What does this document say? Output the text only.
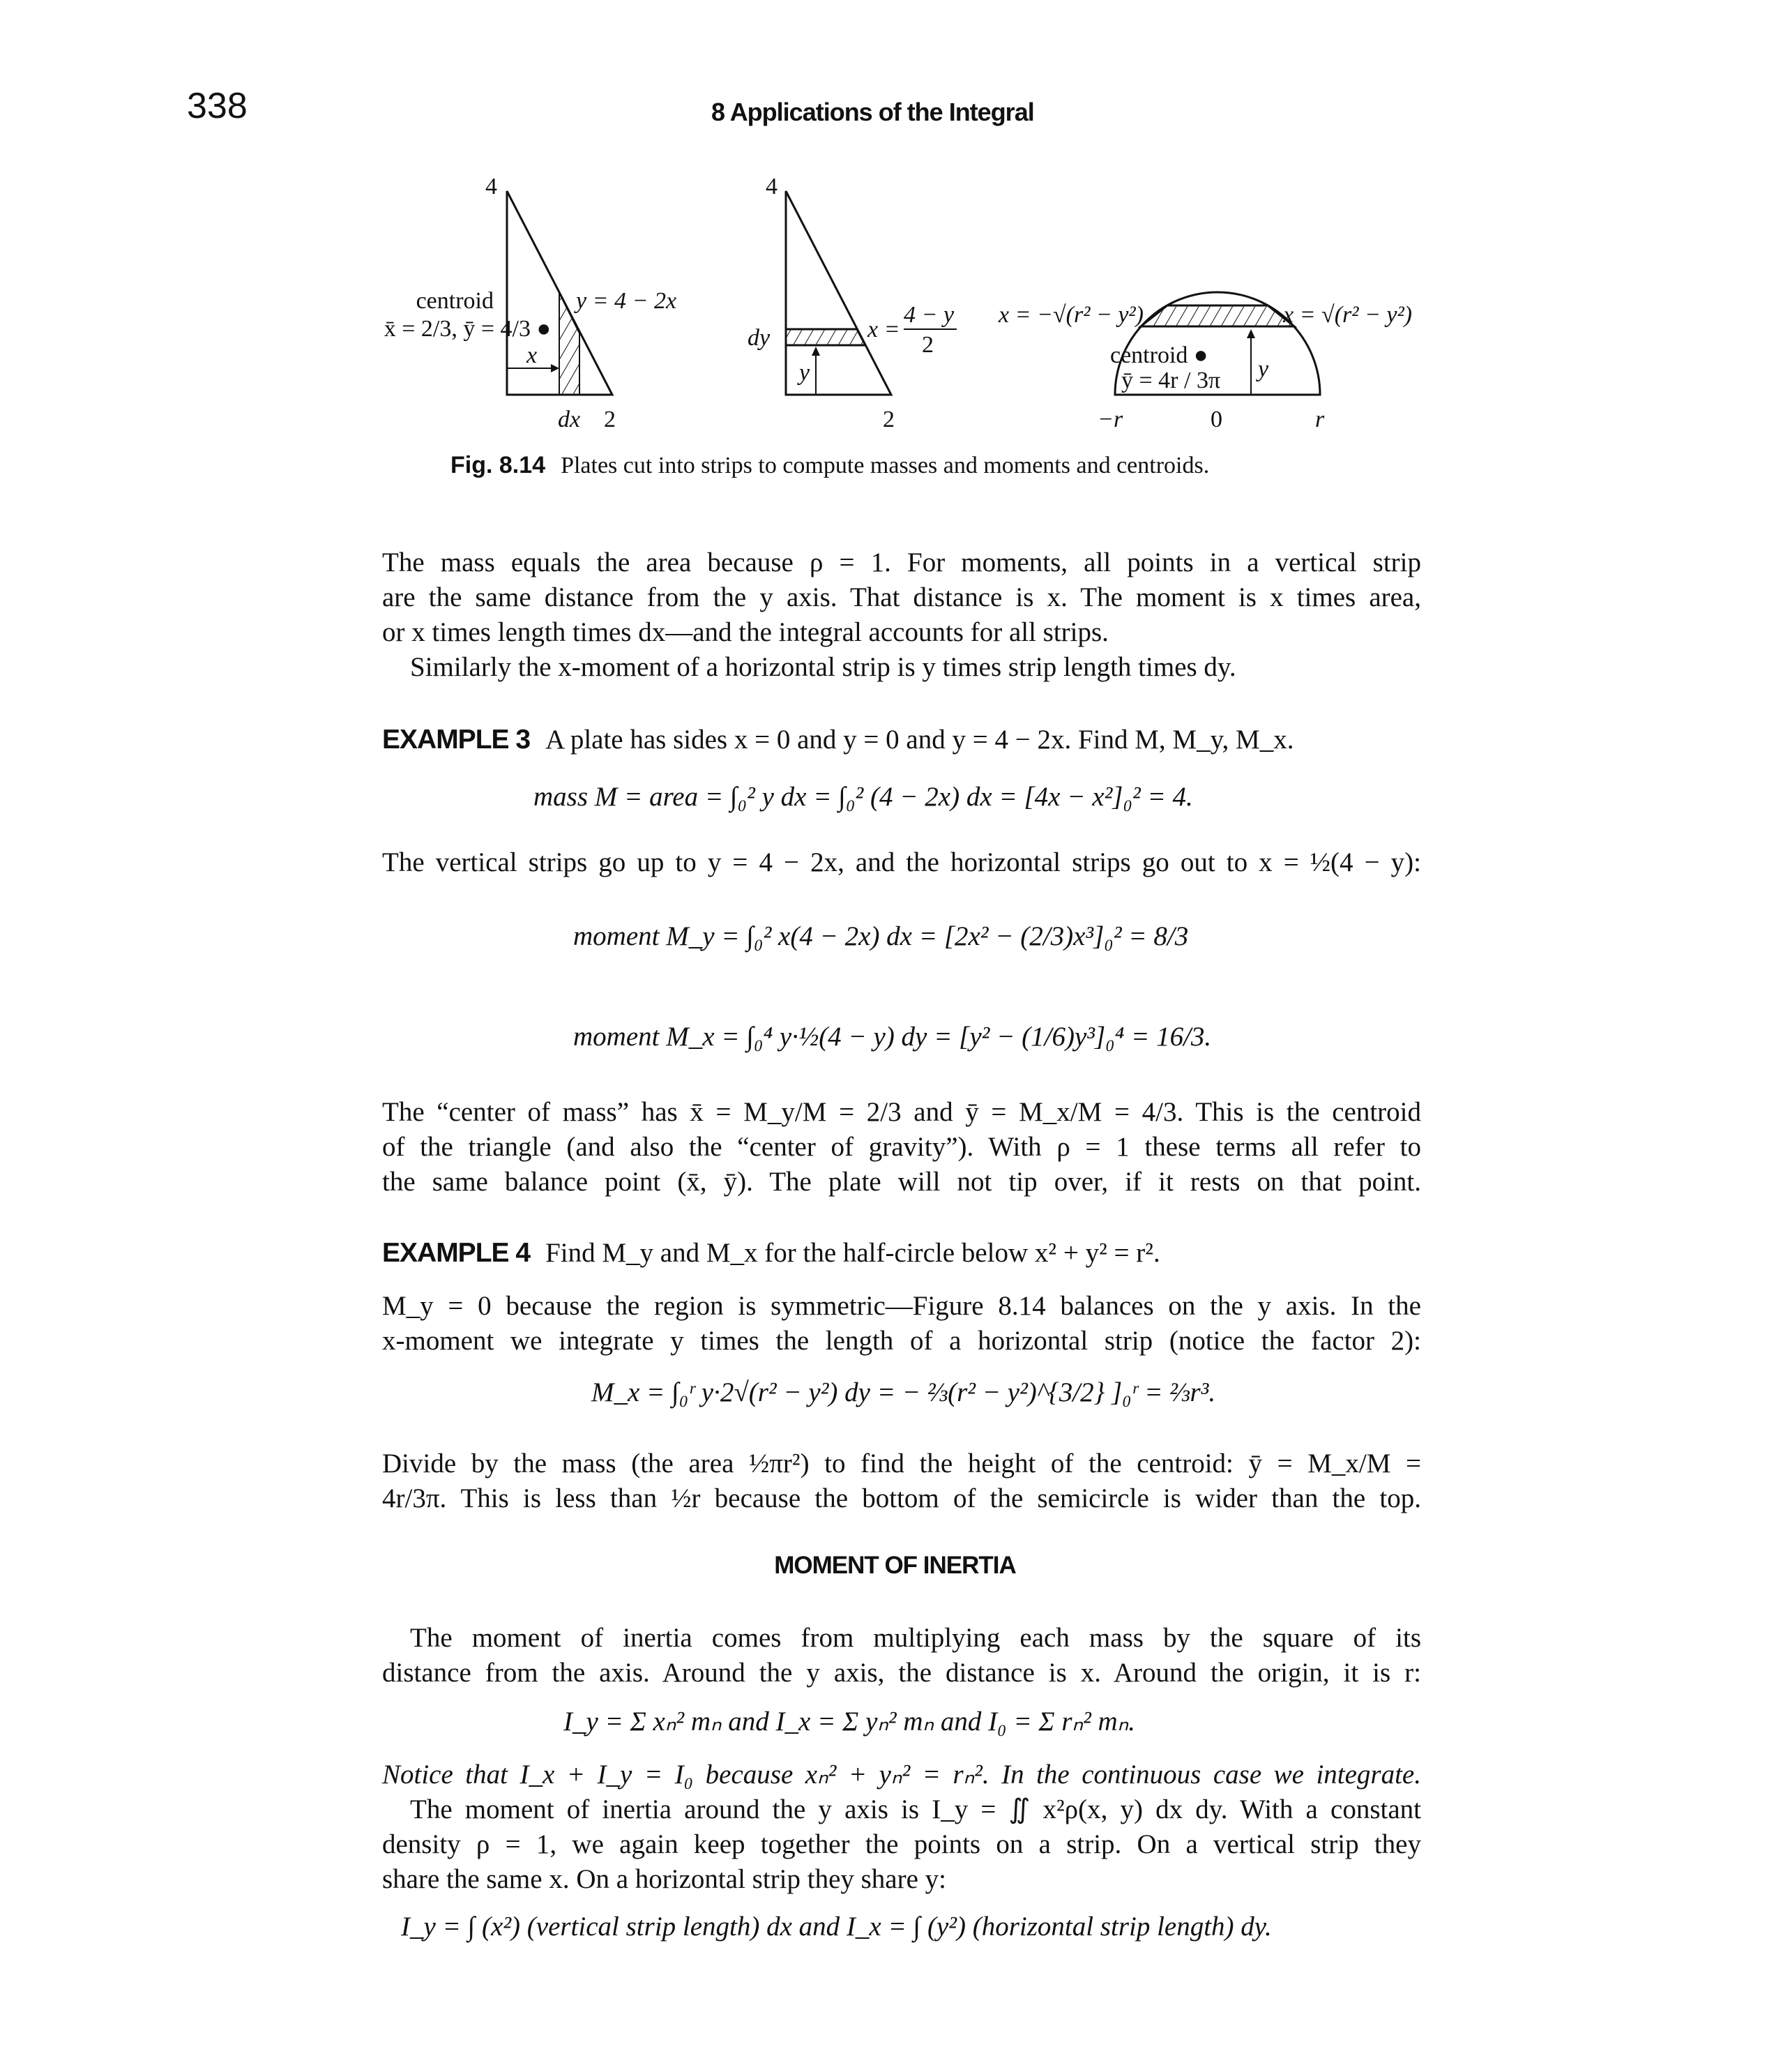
338	8 Applications of the Integral
4
centroid
x̄ = 2/3, ȳ = 4/3 ●
y = 4 − 2x
x
dx 2
4
dy
y
x =
4 − y
2
2
x = −√(r² − y²)	x = √(r² − y²)
centroid ●
ȳ = 4r / 3π y
−r	0	r
Fig. 8.14 Plates cut into strips to compute masses and moments and centroids.
The mass equals the area because ρ = 1. For moments, all points in a vertical strip
are the same distance from the y axis. That distance is x. The moment is x times area,
or x times length times dx—and the integral accounts for all strips.
Similarly the x-moment of a horizontal strip is y times strip length times dy.
EXAMPLE 3 A plate has sides x = 0 and y = 0 and y = 4 − 2x. Find M, M_y, M_x.
mass M = area = ∫₀² y dx = ∫₀² (4 − 2x) dx = [4x − x²]₀² = 4.
The vertical strips go up to y = 4 − 2x, and the horizontal strips go out to x = ½(4 − y):
moment M_y = ∫₀² x(4 − 2x) dx = [2x² − (2/3)x³]₀² = 8/3
moment M_x = ∫₀⁴ y·½(4 − y) dy = [y² − (1/6)y³]₀⁴ = 16/3.
The “center of mass” has x̄ = M_y/M = 2/3 and ȳ = M_x/M = 4/3. This is the centroid
of the triangle (and also the “center of gravity”). With ρ = 1 these terms all refer to
the same balance point (x̄, ȳ). The plate will not tip over, if it rests on that point.
EXAMPLE 4 Find M_y and M_x for the half-circle below x² + y² = r².
M_y = 0 because the region is symmetric—Figure 8.14 balances on the y axis. In the
x-moment we integrate y times the length of a horizontal strip (notice the factor 2):
M_x = ∫₀ʳ y·2√(r² − y²) dy = − ⅔(r² − y²)^{3/2} ]₀ʳ = ⅔r³.
Divide by the mass (the area ½πr²) to find the height of the centroid: ȳ = M_x/M =
4r/3π. This is less than ½r because the bottom of the semicircle is wider than the top.
MOMENT OF INERTIA
The moment of inertia comes from multiplying each mass by the square of its
distance from the axis. Around the y axis, the distance is x. Around the origin, it is r:
I_y = Σ xₙ² mₙ and I_x = Σ yₙ² mₙ and I₀ = Σ rₙ² mₙ.
Notice that I_x + I_y = I₀ because xₙ² + yₙ² = rₙ². In the continuous case we integrate.
The moment of inertia around the y axis is I_y = ∬ x²ρ(x, y) dx dy. With a constant
density ρ = 1, we again keep together the points on a strip. On a vertical strip they
share the same x. On a horizontal strip they share y:
I_y = ∫ (x²) (vertical strip length) dx and I_x = ∫ (y²) (horizontal strip length) dy.
